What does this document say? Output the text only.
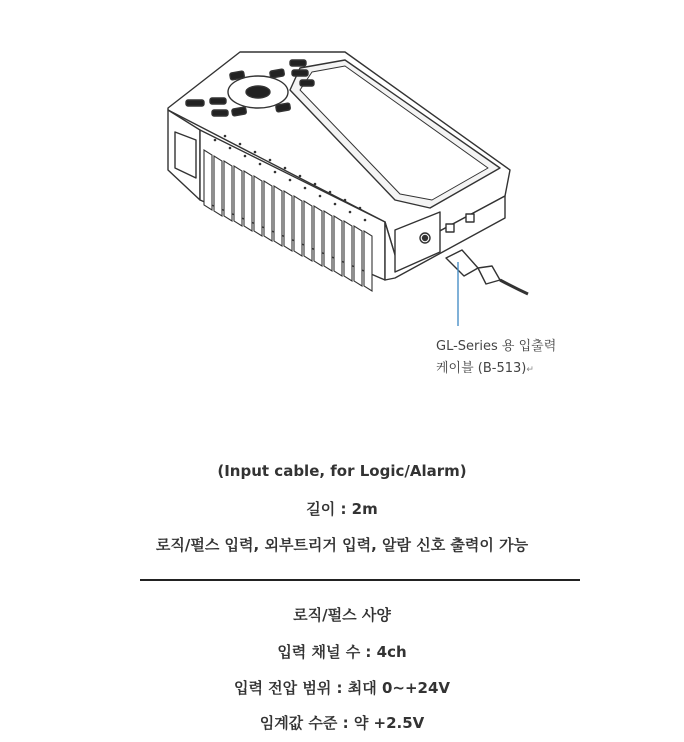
GL-Series 용 입출력
케이블 (B-513)↵
(Input cable, for Logic/Alarm)
길이 : 2m
로직/펄스 입력, 외부트리거 입력, 알람 신호 출력이 가능
로직/펄스 사양
입력 채널 수 : 4ch
입력 전압 범위 : 최대 0~+24V
임계값 수준 : 약 +2.5V
